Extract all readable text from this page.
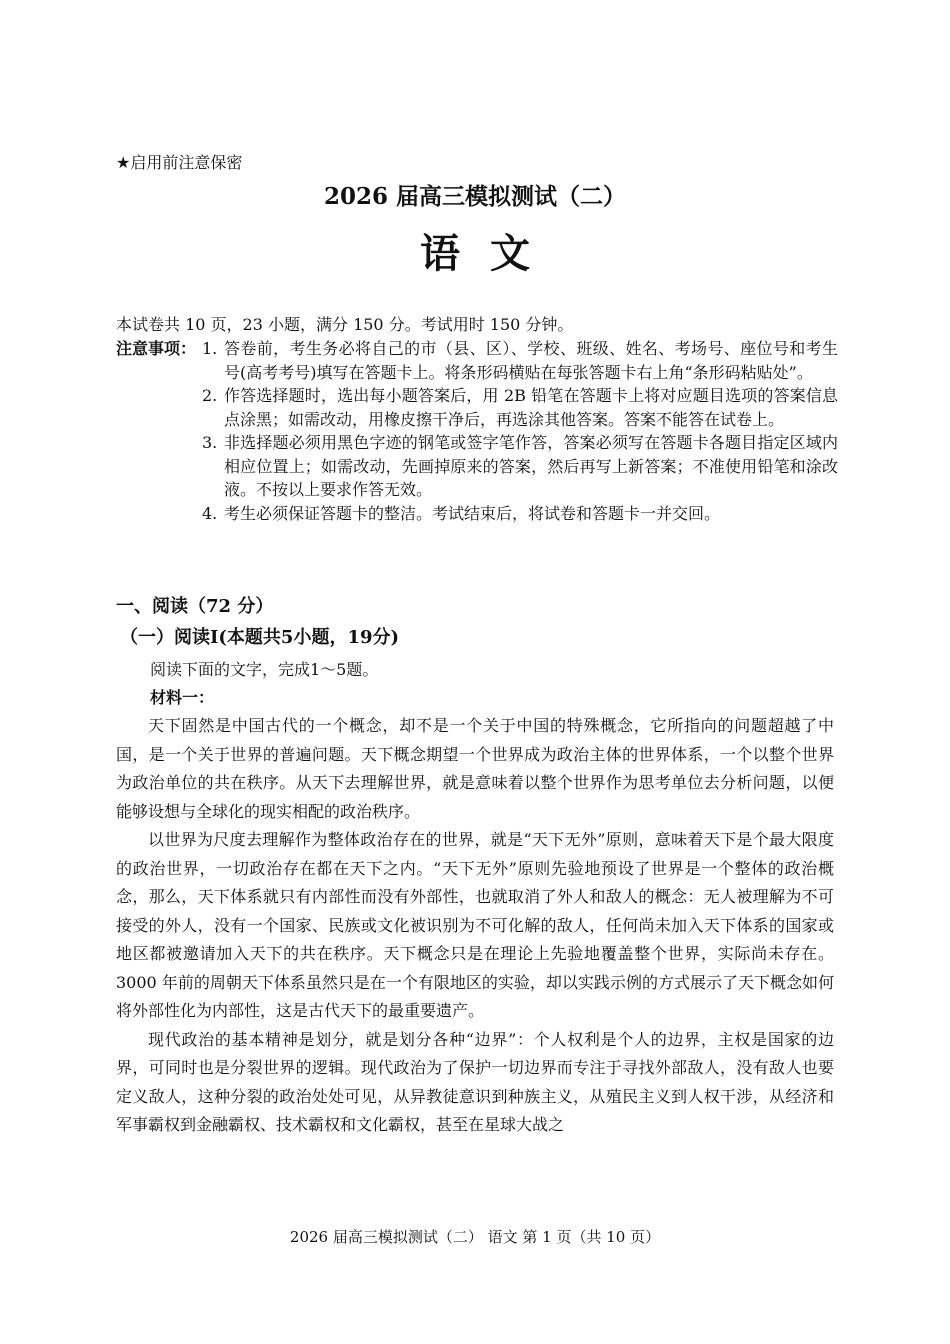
★启用前注意保密
2026 届高三模拟测试（二）
语文
本试卷共 10 页，23 小题，满分 150 分。考试用时 150 分钟。
注意事项： 1. 答卷前，考生务必将自己的市（县、区）、学校、班级、姓名、考场号、座位号和考生号(高考考号)填写在答题卡上。将条形码横贴在每张答题卡右上角“条形码粘贴处”。
2. 作答选择题时，选出每小题答案后，用 2B 铅笔在答题卡上将对应题目选项的答案信息点涂黑；如需改动，用橡皮擦干净后，再选涂其他答案。答案不能答在试卷上。
3. 非选择题必须用黑色字迹的钢笔或签字笔作答，答案必须写在答题卡各题目指定区域内相应位置上；如需改动，先画掉原来的答案，然后再写上新答案；不准使用铅笔和涂改液。不按以上要求作答无效。
4. 考生必须保证答题卡的整洁。考试结束后，将试卷和答题卡一并交回。
一、阅读（72 分）
（一）阅读Ⅰ(本题共5小题，19分)
阅读下面的文字，完成1～5题。
材料一：

天下固然是中国古代的一个概念，却不是一个关于中国的特殊概念，它所指向的问题超越了中国，是一个关于世界的普遍问题。天下概念期望一个世界成为政治主体的世界体系，一个以整个世界为政治单位的共在秩序。从天下去理解世界，就是意味着以整个世界作为思考单位去分析问题，以便能够设想与全球化的现实相配的政治秩序。

以世界为尺度去理解作为整体政治存在的世界，就是“天下无外”原则，意味着天下是个最大限度的政治世界，一切政治存在都在天下之内。“天下无外”原则先验地预设了世界是一个整体的政治概念，那么，天下体系就只有内部性而没有外部性，也就取消了外人和敌人的概念：无人被理解为不可接受的外人，没有一个国家、民族或文化被识别为不可化解的敌人，任何尚未加入天下体系的国家或地区都被邀请加入天下的共在秩序。天下概念只是在理论上先验地覆盖整个世界，实际尚未存在。3000 年前的周朝天下体系虽然只是在一个有限地区的实验，却以实践示例的方式展示了天下概念如何将外部性化为内部性，这是古代天下的最重要遗产。

现代政治的基本精神是划分，就是划分各种“边界”：个人权利是个人的边界，主权是国家的边界，可同时也是分裂世界的逻辑。现代政治为了保护一切边界而专注于寻找外部敌人，没有敌人也要定义敌人，这种分裂的政治处处可见，从异教徒意识到种族主义，从殖民主义到人权干涉，从经济和军事霸权到金融霸权、技术霸权和文化霸权，甚至在星球大战之

2026 届高三模拟测试（二） 语文 第 1 页（共 10 页）
